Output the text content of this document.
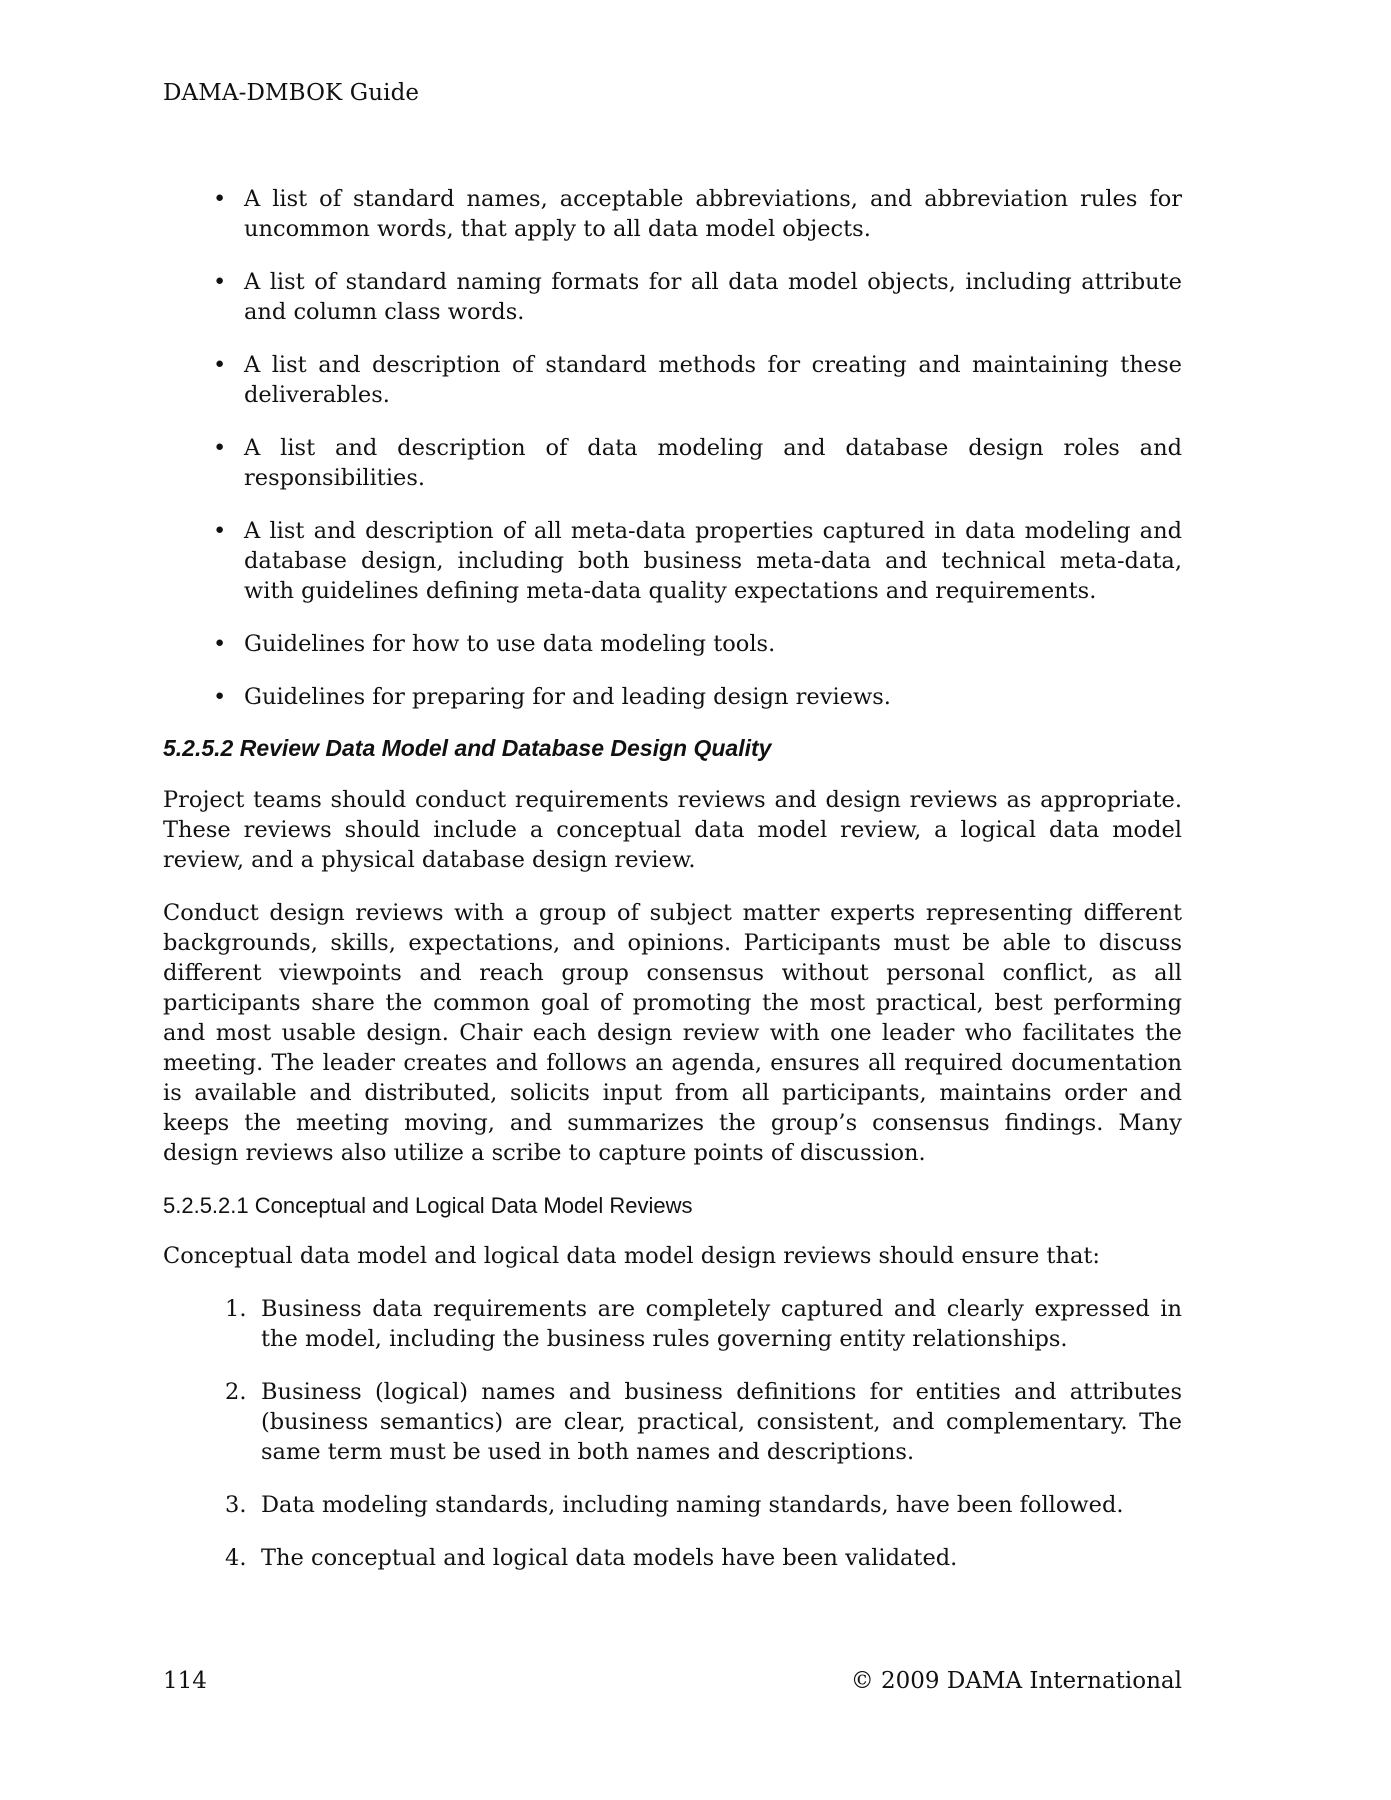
DAMA-DMBOK Guide
• A list of standard names, acceptable abbreviations, and abbreviation rules for uncommon words, that apply to all data model objects.
• A list of standard naming formats for all data model objects, including attribute and column class words.
• A list and description of standard methods for creating and maintaining these deliverables.
• A list and description of data modeling and database design roles and responsibilities.
• A list and description of all meta-data properties captured in data modeling and database design, including both business meta-data and technical meta-data, with guidelines defining meta-data quality expectations and requirements.
• Guidelines for how to use data modeling tools.
• Guidelines for preparing for and leading design reviews.
5.2.5.2 Review Data Model and Database Design Quality

Project teams should conduct requirements reviews and design reviews as appropriate. These reviews should include a conceptual data model review, a logical data model review, and a physical database design review.

Conduct design reviews with a group of subject matter experts representing different backgrounds, skills, expectations, and opinions. Participants must be able to discuss different viewpoints and reach group consensus without personal conflict, as all participants share the common goal of promoting the most practical, best performing and most usable design. Chair each design review with one leader who facilitates the meeting. The leader creates and follows an agenda, ensures all required documentation is available and distributed, solicits input from all participants, maintains order and keeps the meeting moving, and summarizes the group’s consensus findings. Many design reviews also utilize a scribe to capture points of discussion.

5.2.5.2.1 Conceptual and Logical Data Model Reviews

Conceptual data model and logical data model design reviews should ensure that:

1. Business data requirements are completely captured and clearly expressed in the model, including the business rules governing entity relationships.
2. Business (logical) names and business definitions for entities and attributes (business semantics) are clear, practical, consistent, and complementary. The same term must be used in both names and descriptions.
3. Data modeling standards, including naming standards, have been followed.
4. The conceptual and logical data models have been validated.
114	© 2009 DAMA International
